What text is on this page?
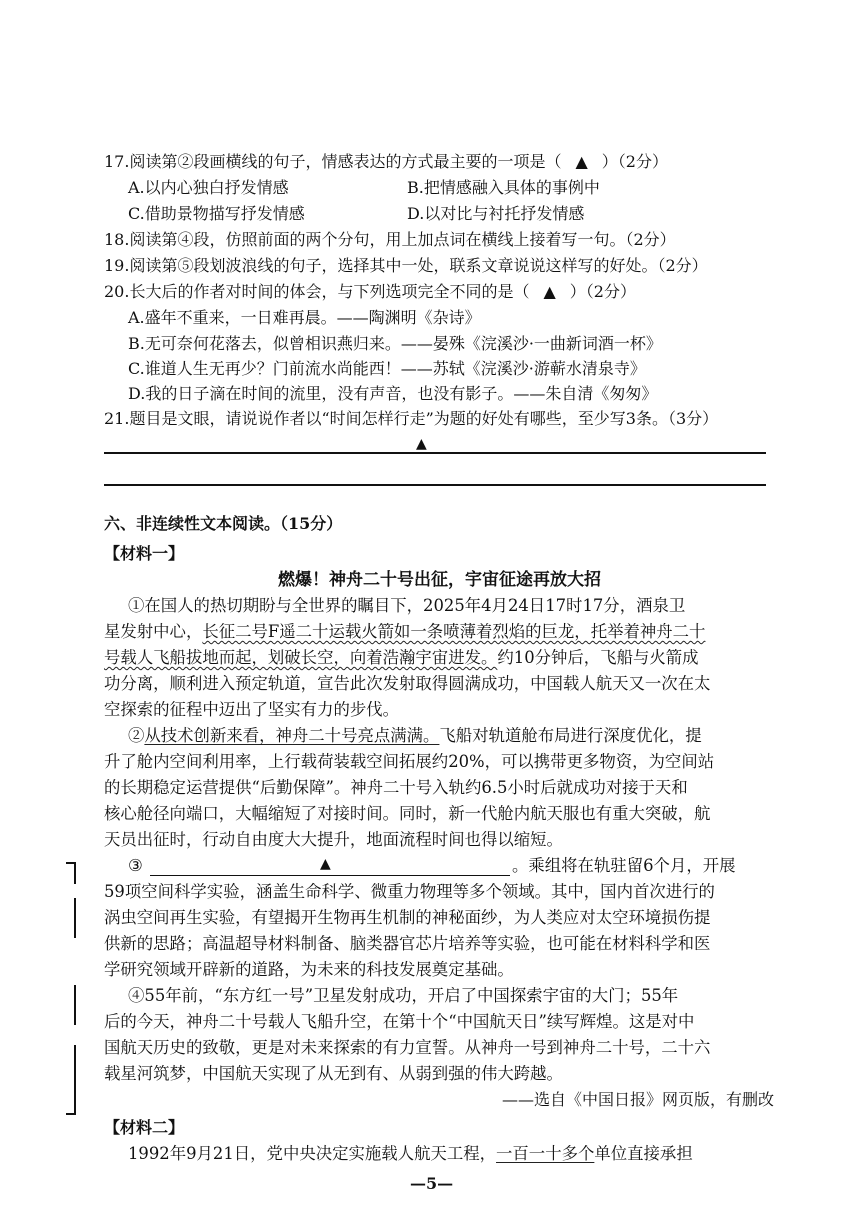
17.阅读第②段画横线的句子，情感表达的方式最主要的一项是（ ▲ ）（2分）
A.以内心独白抒发情感	B.把情感融入具体的事例中
C.借助景物描写抒发情感	D.以对比与衬托抒发情感
18.阅读第④段，仿照前面的两个分句，用上加点词在横线上接着写一句。（2分）
19.阅读第⑤段划波浪线的句子，选择其中一处，联系文章说说这样写的好处。（2分）
20.长大后的作者对时间的体会，与下列选项完全不同的是（ ▲ ）（2分）
A.盛年不重来，一日难再晨。——陶渊明《杂诗》
B.无可奈何花落去，似曾相识燕归来。——晏殊《浣溪沙·一曲新词酒一杯》
C.谁道人生无再少？门前流水尚能西！——苏轼《浣溪沙·游蕲水清泉寺》
D.我的日子滴在时间的流里，没有声音，也没有影子。——朱自清《匆匆》
21.题目是文眼，请说说作者以“时间怎样行走”为题的好处有哪些，至少写3条。（3分）
▲
六、非连续性文本阅读。（15分）
【材料一】
燃爆！神舟二十号出征，宇宙征途再放大招
①在国人的热切期盼与全世界的瞩目下，2025年4月24日17时17分，酒泉卫
星发射中心，长征二号F遥二十运载火箭如一条喷薄着烈焰的巨龙，托举着神舟二十
号载人飞船拔地而起，划破长空，向着浩瀚宇宙进发。约10分钟后，飞船与火箭成
功分离，顺利进入预定轨道，宣告此次发射取得圆满成功，中国载人航天又一次在太
空探索的征程中迈出了坚实有力的步伐。
②从技术创新来看，神舟二十号亮点满满。飞船对轨道舱布局进行深度优化，提
升了舱内空间利用率，上行载荷装载空间拓展约20%，可以携带更多物资，为空间站
的长期稳定运营提供“后勤保障”。神舟二十号入轨约6.5小时后就成功对接于天和
核心舱径向端口，大幅缩短了对接时间。同时，新一代舱内航天服也有重大突破，航
天员出征时，行动自由度大大提升，地面流程时间也得以缩短。
③	▲	。乘组将在轨驻留6个月，开展
59项空间科学实验，涵盖生命科学、微重力物理等多个领域。其中，国内首次进行的
涡虫空间再生实验，有望揭开生物再生机制的神秘面纱，为人类应对太空环境损伤提
供新的思路；高温超导材料制备、脑类器官芯片培养等实验，也可能在材料科学和医
学研究领域开辟新的道路，为未来的科技发展奠定基础。
④55年前，“东方红一号”卫星发射成功，开启了中国探索宇宙的大门；55年
后的今天，神舟二十号载人飞船升空，在第十个“中国航天日”续写辉煌。这是对中
国航天历史的致敬，更是对未来探索的有力宣誓。从神舟一号到神舟二十号，二十六
载星河筑梦，中国航天实现了从无到有、从弱到强的伟大跨越。
——选自《中国日报》网页版，有删改
【材料二】
1992年9月21日，党中央决定实施载人航天工程，一百一十多个单位直接承担
—5—
